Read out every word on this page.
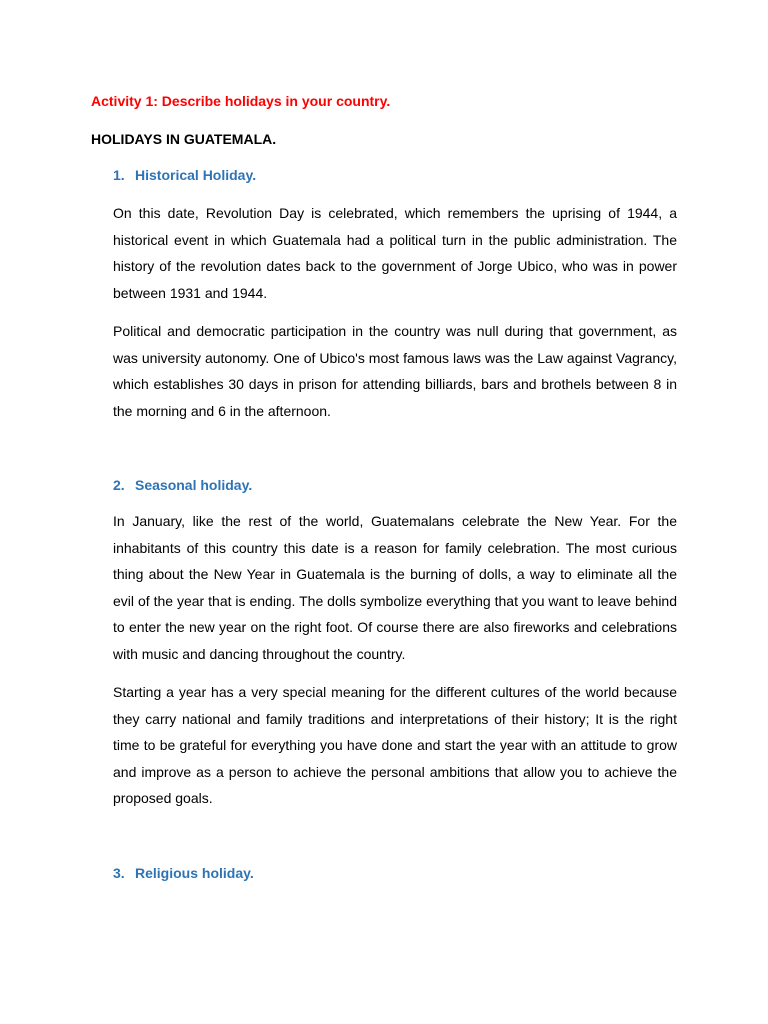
Activity 1: Describe holidays in your country.
HOLIDAYS IN GUATEMALA.
1. Historical Holiday.

On this date, Revolution Day is celebrated, which remembers the uprising of 1944, a historical event in which Guatemala had a political turn in the public administration. The history of the revolution dates back to the government of Jorge Ubico, who was in power between 1931 and 1944.

Political and democratic participation in the country was null during that government, as was university autonomy. One of Ubico's most famous laws was the Law against Vagrancy, which establishes 30 days in prison for attending billiards, bars and brothels between 8 in the morning and 6 in the afternoon.

2. Seasonal holiday.

In January, like the rest of the world, Guatemalans celebrate the New Year. For the inhabitants of this country this date is a reason for family celebration. The most curious thing about the New Year in Guatemala is the burning of dolls, a way to eliminate all the evil of the year that is ending. The dolls symbolize everything that you want to leave behind to enter the new year on the right foot. Of course there are also fireworks and celebrations with music and dancing throughout the country.

Starting a year has a very special meaning for the different cultures of the world because they carry national and family traditions and interpretations of their history; It is the right time to be grateful for everything you have done and start the year with an attitude to grow and improve as a person to achieve the personal ambitions that allow you to achieve the proposed goals.

3. Religious holiday.
